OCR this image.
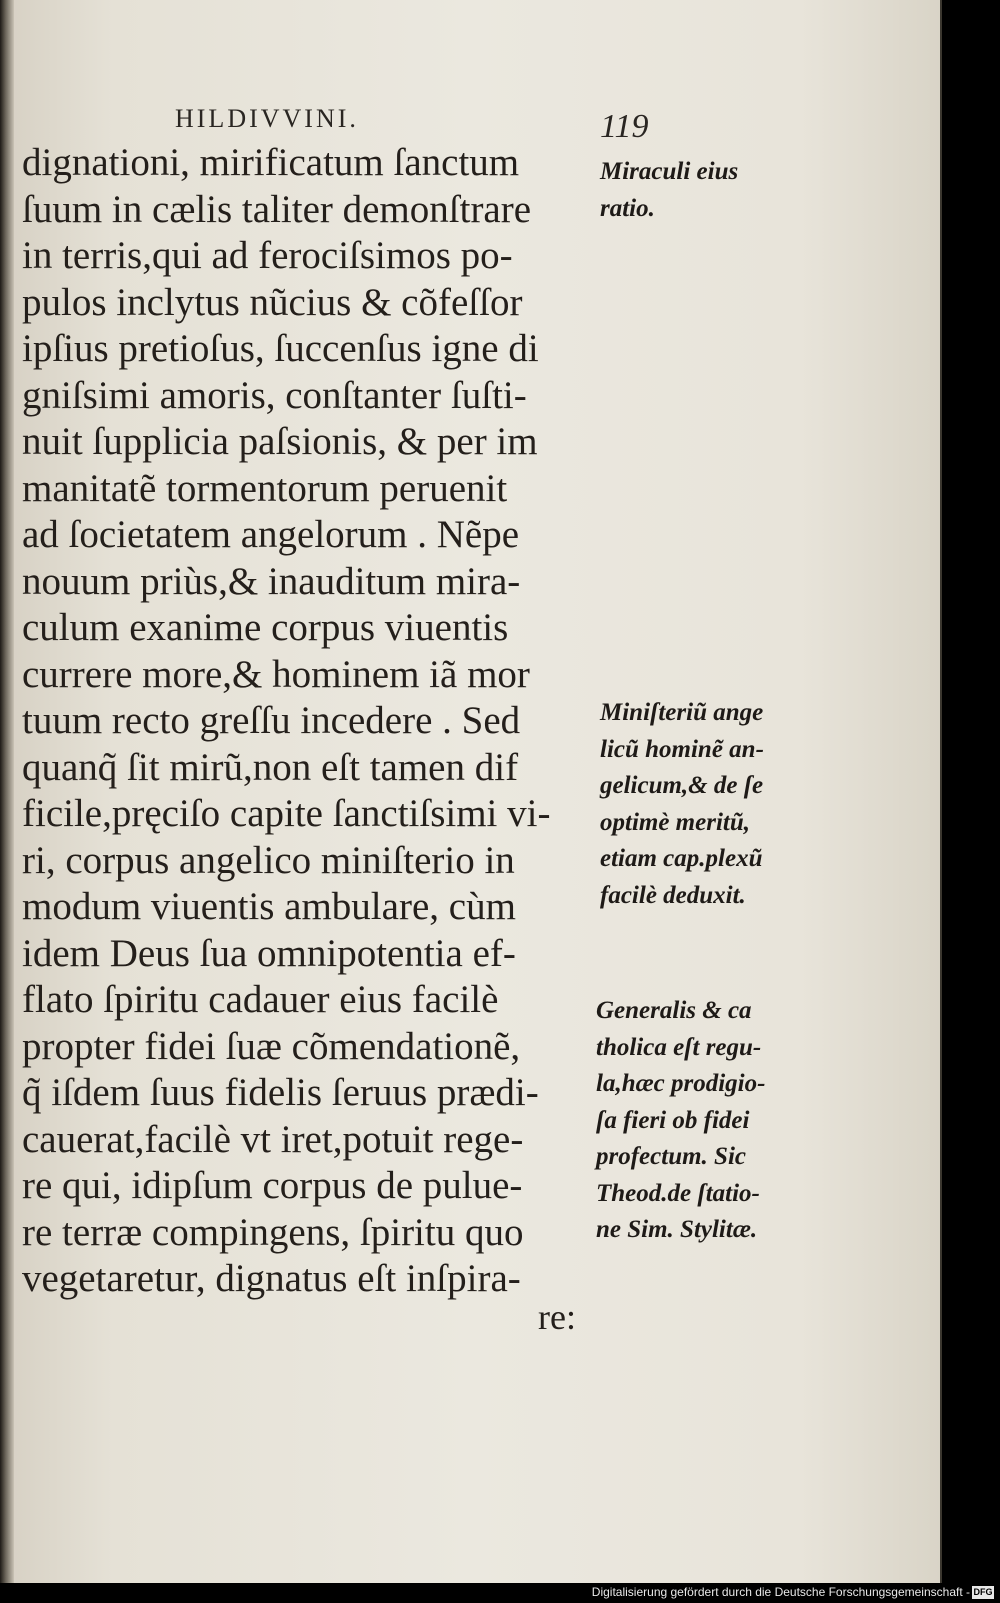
HILDIVVINI.	119
dignationi, mirificatum ſanctum
ſuum in cælis taliter demonſtrare
in terris,qui ad ferociſsimos po-
pulos inclytus nũcius & cõfeſſor
ipſius pretioſus, ſuccenſus igne di
gniſsimi amoris, conſtanter ſuſti-
nuit ſupplicia paſsionis, & per im
manitatẽ tormentorum peruenit
ad ſocietatem angelorum . Nẽpe
nouum priùs,& inauditum mira-
culum exanime corpus viuentis
currere more,& hominem iã mor
tuum recto greſſu incedere . Sed
quanq̃ ſit mirũ,non eſt tamen dif
ficile,pręciſo capite ſanctiſsimi vi-
ri, corpus angelico miniſterio in
modum viuentis ambulare, cùm
idem Deus ſua omnipotentia ef-
flato ſpiritu cadauer eius facilè
propter fidei ſuæ cõmendationẽ,
q̃ iſdem ſuus fidelis ſeruus prædi-
cauerat,facilè vt iret,potuit rege-
re qui, idipſum corpus de pulue-
re terræ compingens, ſpiritu quo
vegetaretur, dignatus eſt inſpira-
re:
Miraculi eius
ratio.
Miniſteriũ ange
licũ hominẽ an-
gelicum,& de ſe
optimè meritũ,
etiam cap.plexũ
facilè deduxit.
Generalis & ca
tholica eſt regu-
la,hæc prodigio-
ſa fieri ob fidei
profectum. Sic
Theod.de ſtatio-
ne Sim. Stylitæ.
Digitalisierung gefördert durch die Deutsche Forschungsgemeinschaft - DFG
